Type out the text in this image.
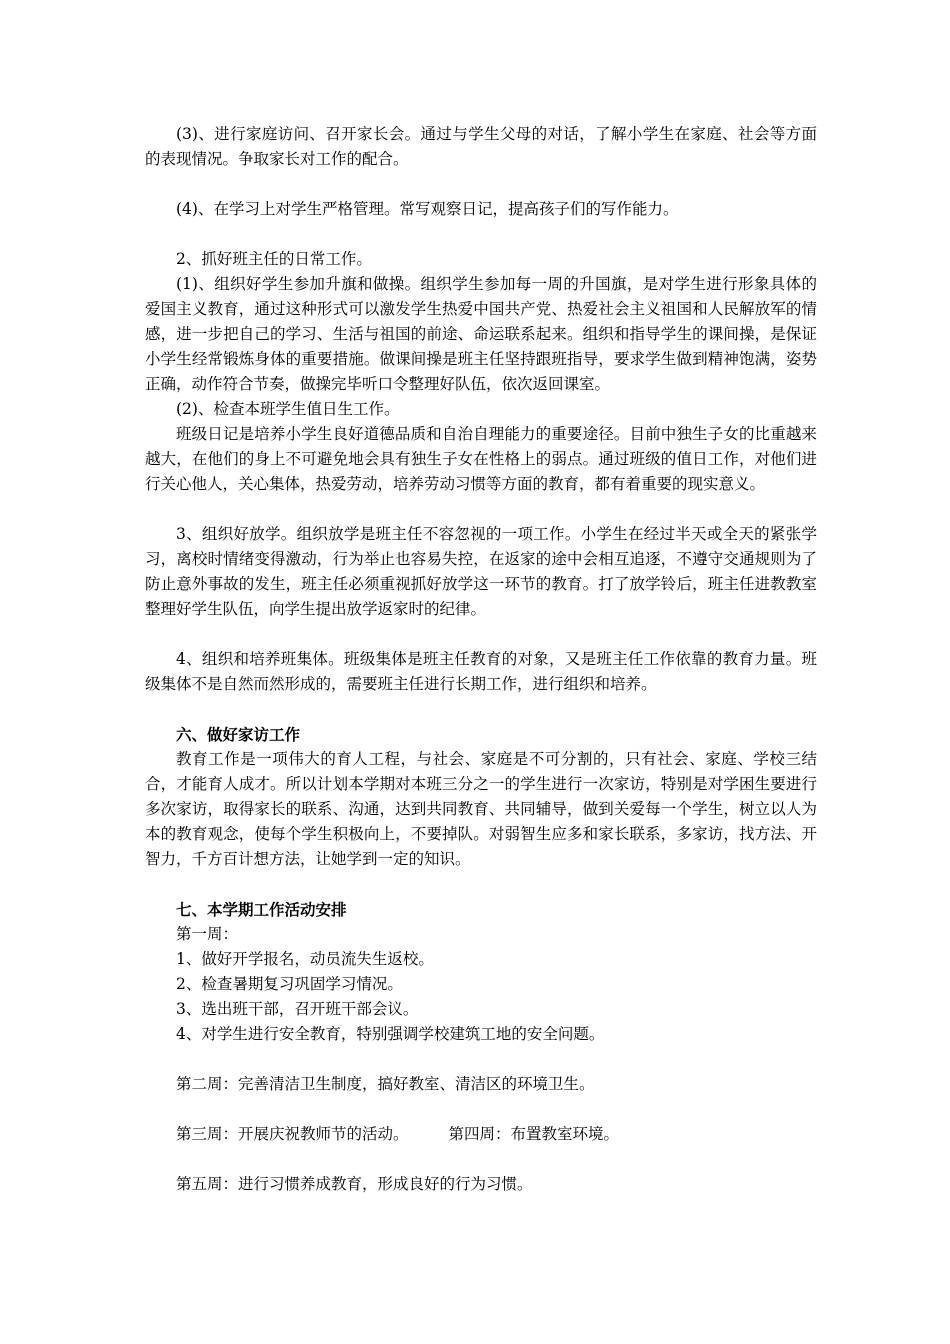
(3)、进行家庭访问、召开家长会。通过与学生父母的对话，了解小学生在家庭、社会等方面的表现情况。争取家长对工作的配合。

(4)、在学习上对学生严格管理。常写观察日记，提高孩子们的写作能力。

2、抓好班主任的日常工作。

(1)、组织好学生参加升旗和做操。组织学生参加每一周的升国旗，是对学生进行形象具体的爱国主义教育，通过这种形式可以激发学生热爱中国共产党、热爱社会主义祖国和人民解放军的情感，进一步把自己的学习、生活与祖国的前途、命运联系起来。组织和指导学生的课间操，是保证小学生经常锻炼身体的重要措施。做课间操是班主任坚持跟班指导，要求学生做到精神饱满，姿势正确，动作符合节奏，做操完毕听口令整理好队伍，依次返回课室。

(2)、检查本班学生值日生工作。

班级日记是培养小学生良好道德品质和自治自理能力的重要途径。目前中独生子女的比重越来越大，在他们的身上不可避免地会具有独生子女在性格上的弱点。通过班级的值日工作，对他们进行关心他人，关心集体，热爱劳动，培养劳动习惯等方面的教育，都有着重要的现实意义。

3、组织好放学。组织放学是班主任不容忽视的一项工作。小学生在经过半天或全天的紧张学习，离校时情绪变得激动，行为举止也容易失控，在返家的途中会相互追逐，不遵守交通规则为了防止意外事故的发生，班主任必须重视抓好放学这一环节的教育。打了放学铃后，班主任进教教室整理好学生队伍，向学生提出放学返家时的纪律。

4、组织和培养班集体。班级集体是班主任教育的对象，又是班主任工作依靠的教育力量。班级集体不是自然而然形成的，需要班主任进行长期工作，进行组织和培养。

六、做好家访工作

教育工作是一项伟大的育人工程，与社会、家庭是不可分割的，只有社会、家庭、学校三结合，才能育人成才。所以计划本学期对本班三分之一的学生进行一次家访，特别是对学困生要进行多次家访，取得家长的联系、沟通，达到共同教育、共同辅导，做到关爱每一个学生，树立以人为本的教育观念，使每个学生积极向上，不要掉队。对弱智生应多和家长联系，多家访，找方法、开智力，千方百计想方法，让她学到一定的知识。

七、本学期工作活动安排

第一周：

1、做好开学报名，动员流失生返校。

2、检查暑期复习巩固学习情况。

3、选出班干部，召开班干部会议。

4、对学生进行安全教育，特别强调学校建筑工地的安全问题。

第二周：完善清洁卫生制度，搞好教室、清洁区的环境卫生。

第三周：开展庆祝教师节的活动。	第四周：布置教室环境。

第五周：进行习惯养成教育，形成良好的行为习惯。
